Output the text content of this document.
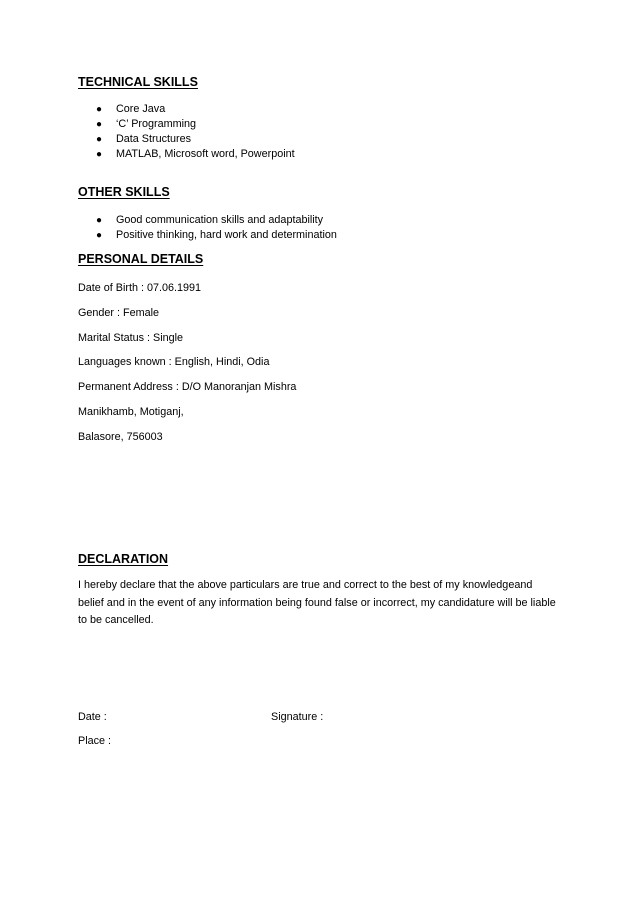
TECHNICAL SKILLS
● Core Java
● ‘C’ Programming
● Data Structures
● MATLAB, Microsoft word, Powerpoint
OTHER SKILLS
● Good communication skills and adaptability
● Positive thinking, hard work and determination
PERSONAL DETAILS

Date of Birth : 07.06.1991

Gender : Female

Marital Status : Single

Languages known : English, Hindi, Odia

Permanent Address : D/O Manoranjan Mishra

Manikhamb, Motiganj,

Balasore, 756003

DECLARATION

I hereby declare that the above particulars are true and correct to the best of my knowledgeand belief and in the event of any information being found false or incorrect, my candidature will be liable to be cancelled.

Date :	Signature :

Place :
